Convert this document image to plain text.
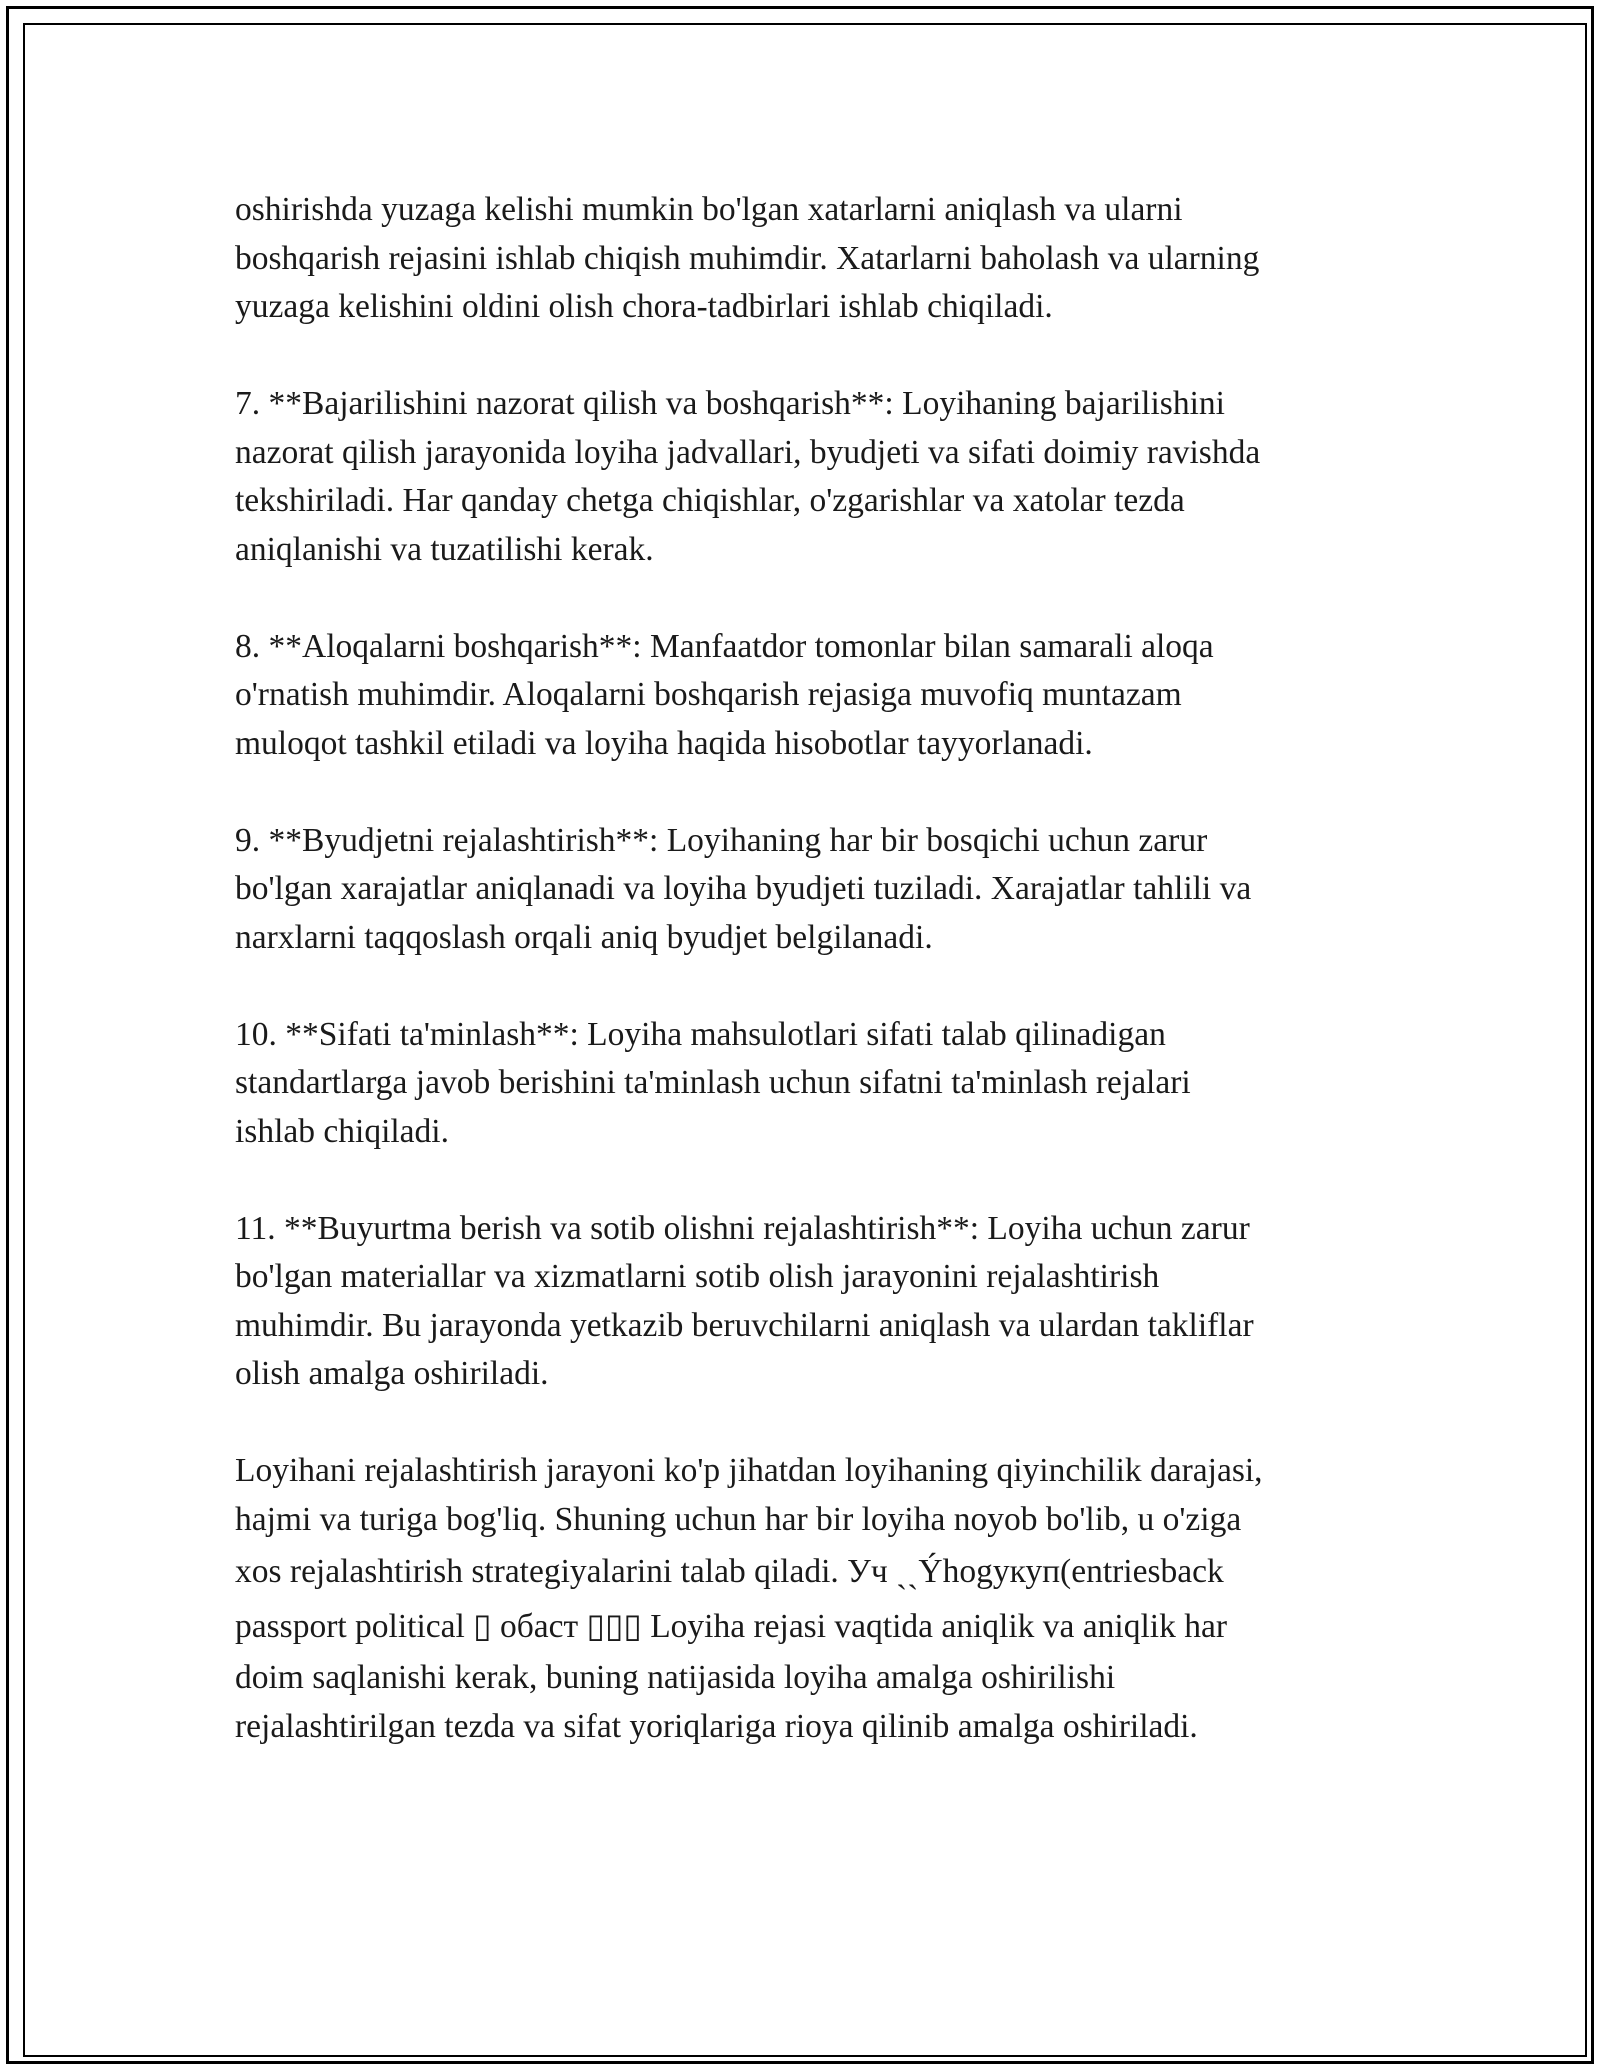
oshirishda yuzaga kelishi mumkin bo'lgan xatarlarni aniqlash va ularni
boshqarish rejasini ishlab chiqish muhimdir. Xatarlarni baholash va ularning
yuzaga kelishini oldini olish chora-tadbirlari ishlab chiqiladi.

7. **Bajarilishini nazorat qilish va boshqarish**: Loyihaning bajarilishini
nazorat qilish jarayonida loyiha jadvallari, byudjeti va sifati doimiy ravishda
tekshiriladi. Har qanday chetga chiqishlar, o'zgarishlar va xatolar tezda
aniqlanishi va tuzatilishi kerak.

8. **Aloqalarni boshqarish**: Manfaatdor tomonlar bilan samarali aloqa
o'rnatish muhimdir. Aloqalarni boshqarish rejasiga muvofiq muntazam
muloqot tashkil etiladi va loyiha haqida hisobotlar tayyorlanadi.

9. **Byudjetni rejalashtirish**: Loyihaning har bir bosqichi uchun zarur
bo'lgan xarajatlar aniqlanadi va loyiha byudjeti tuziladi. Xarajatlar tahlili va
narxlarni taqqoslash orqali aniq byudjet belgilanadi.

10. **Sifati ta'minlash**: Loyiha mahsulotlari sifati talab qilinadigan
standartlarga javob berishini ta'minlash uchun sifatni ta'minlash rejalari
ishlab chiqiladi.

11. **Buyurtma berish va sotib olishni rejalashtirish**: Loyiha uchun zarur
bo'lgan materiallar va xizmatlarni sotib olish jarayonini rejalashtirish
muhimdir. Bu jarayonda yetkazib beruvchilarni aniqlash va ulardan takliflar
olish amalga oshiriladi.

Loyihani rejalashtirish jarayoni ko'p jihatdan loyihaning qiyinchilik darajasi,
hajmi va turiga bog'liq. Shuning uchun har bir loyiha noyob bo'lib, u o'ziga
xos rejalashtirish strategiyalarini talab qiladi. Уч ˏˏÝhogyкуп(entriesback
passport political ▯ обаст ▯▯▯ Loyiha rejasi vaqtida aniqlik va aniqlik har
doim saqlanishi kerak, buning natijasida loyiha amalga oshirilishi
rejalashtirilgan tezda va sifat yoriqlariga rioya qilinib amalga oshiriladi.
